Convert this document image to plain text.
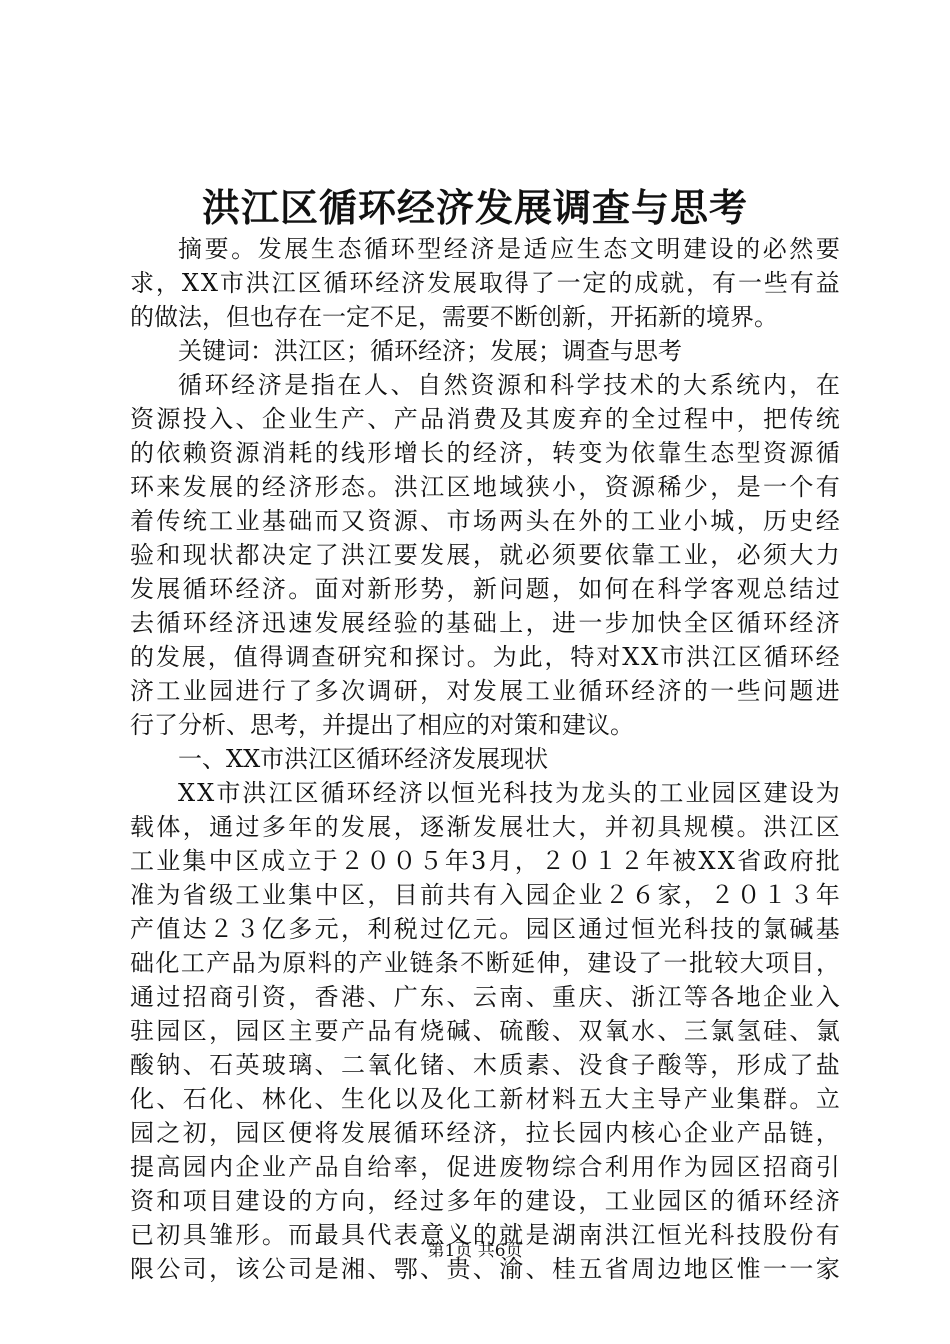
洪江区循环经济发展调查与思考
摘 要 。 发 展 生 态 循 环 型 经 济 是 适 应 生 态 文 明 建 设 的 必 然 要
求 ， X X 市 洪 江 区 循 环 经 济 发 展 取 得 了 一 定 的 成 就 ， 有 一 些 有 益
的做法，但也存在一定不足，需要不断创新，开拓新的境界。
关键词：洪江区；循环经济；发展；调查与思考
循 环 经 济 是 指 在 人 、 自 然 资 源 和 科 学 技 术 的 大 系 统 内 ， 在
资 源 投 入 、 企 业 生 产 、 产 品 消 费 及 其 废 弃 的 全 过 程 中 ， 把 传 统
的 依 赖 资 源 消 耗 的 线 形 增 长 的 经 济 ， 转 变 为 依 靠 生 态 型 资 源 循
环 来 发 展 的 经 济 形 态 。 洪 江 区 地 域 狭 小 ， 资 源 稀 少 ， 是 一 个 有
着 传 统 工 业 基 础 而 又 资 源 、 市 场 两 头 在 外 的 工 业 小 城 ， 历 史 经
验 和 现 状 都 决 定 了 洪 江 要 发 展 ， 就 必 须 要 依 靠 工 业 ， 必 须 大 力
发 展 循 环 经 济 。 面 对 新 形 势 ， 新 问 题 ， 如 何 在 科 学 客 观 总 结 过
去 循 环 经 济 迅 速 发 展 经 验 的 基 础 上 ， 进 一 步 加 快 全 区 循 环 经 济
的 发 展 ， 值 得 调 查 研 究 和 探 讨 。 为 此 ， 特 对 X X 市 洪 江 区 循 环 经
济 工 业 园 进 行 了 多 次 调 研 ， 对 发 展 工 业 循 环 经 济 的 一 些 问 题 进
行了分析、思考，并提出了相应的对策和建议。
一、XX市洪江区循环经济发展现状
X X 市 洪 江 区 循 环 经 济 以 恒 光 科 技 为 龙 头 的 工 业 园 区 建 设 为
载 体 ， 通 过 多 年 的 发 展 ， 逐 渐 发 展 壮 大 ， 并 初 具 规 模 。 洪 江 区
工 业 集 中 区 成 立 于 ２ ０ ０ ５ 年 3 月 ， ２ ０ １ ２ 年 被 X X 省 政 府 批
准 为 省 级 工 业 集 中 区 ， 目 前 共 有 入 园 企 业 ２ ６ 家 ， ２ ０ １ ３ 年
产 值 达 ２ ３ 亿 多 元 ， 利 税 过 亿 元 。 园 区 通 过 恒 光 科 技 的 氯 碱 基
础 化 工 产 品 为 原 料 的 产 业 链 条 不 断 延 伸 ， 建 设 了 一 批 较 大 项 目 ，
通 过 招 商 引 资 ， 香 港 、 广 东 、 云 南 、 重 庆 、 浙 江 等 各 地 企 业 入
驻 园 区 ， 园 区 主 要 产 品 有 烧 碱 、 硫 酸 、 双 氧 水 、 三 氯 氢 硅 、 氯
酸 钠 、 石 英 玻 璃 、 二 氧 化 锗 、 木 质 素 、 没 食 子 酸 等 ， 形 成 了 盐
化 、 石 化 、 林 化 、 生 化 以 及 化 工 新 材 料 五 大 主 导 产 业 集 群 。 立
园 之 初 ， 园 区 便 将 发 展 循 环 经 济 ， 拉 长 园 内 核 心 企 业 产 品 链 ，
提 高 园 内 企 业 产 品 自 给 率 ， 促 进 废 物 综 合 利 用 作 为 园 区 招 商 引
资 和 项 目 建 设 的 方 向 ， 经 过 多 年 的 建 设 ， 工 业 园 区 的 循 环 经 济
已 初 具 雏 形 。 而 最 具 代 表 意 义 的 就 是 湖 南 洪 江 恒 光 科 技 股 份 有
限 公 司 ， 该 公 司 是 湘 、 鄂 、 贵 、 渝 、 桂 五 省 周 边 地 区 惟 一 一 家
第1页 共6页
